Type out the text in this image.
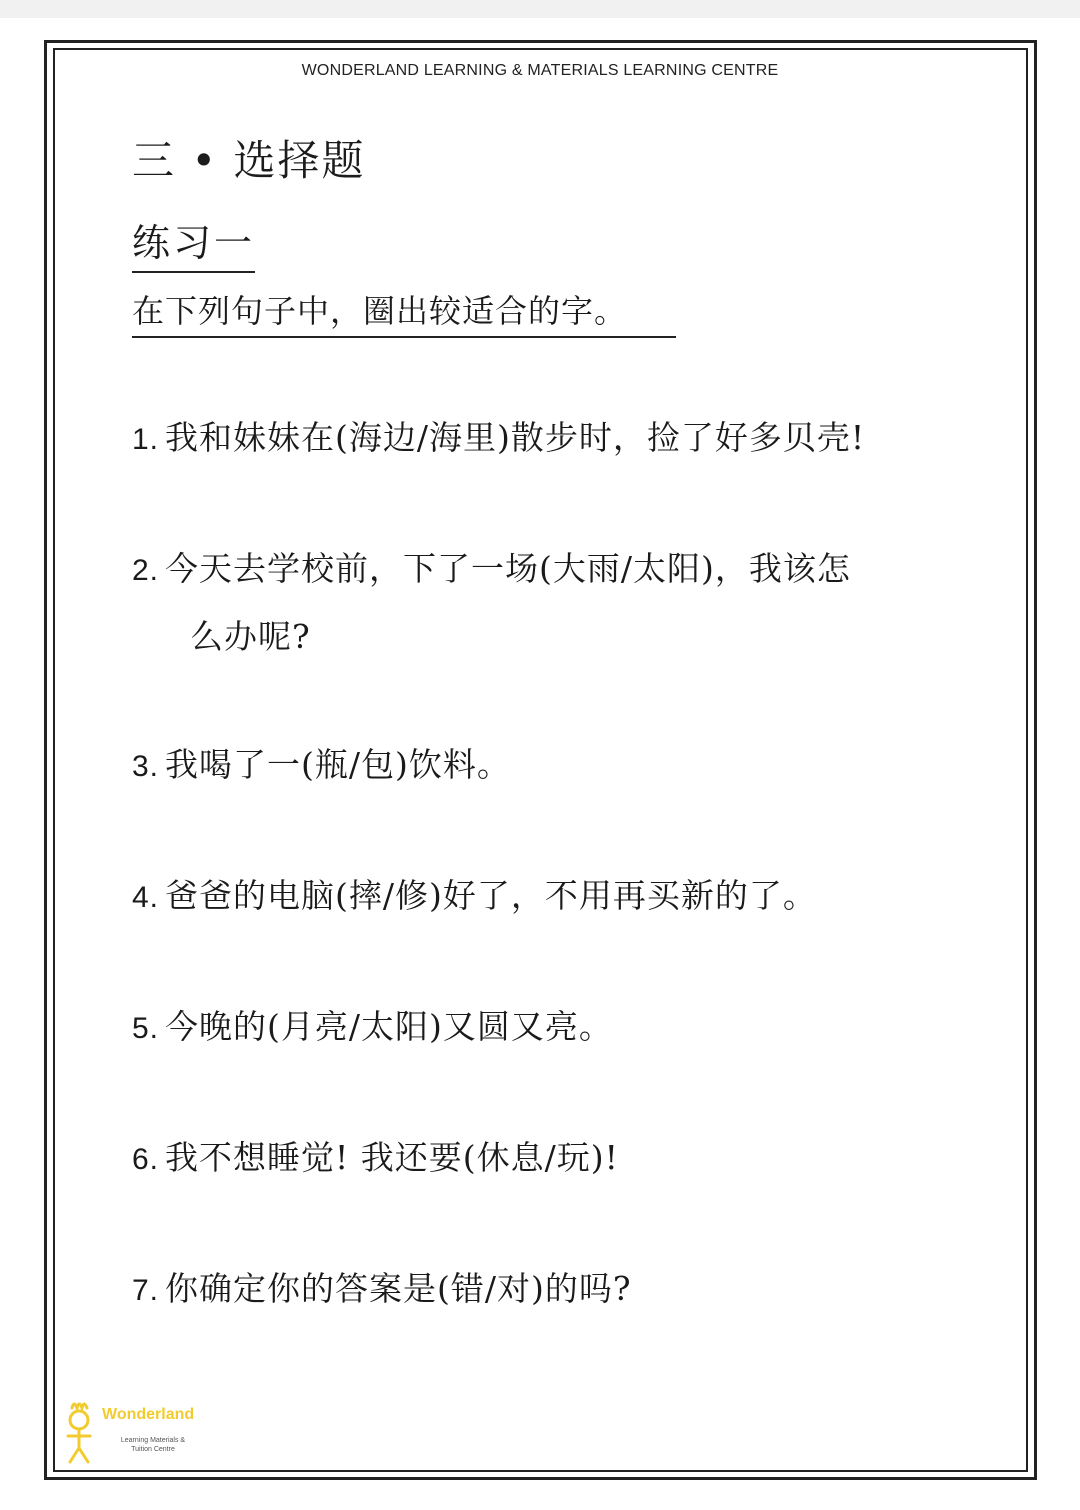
WONDERLAND LEARNING & MATERIALS LEARNING CENTRE
三 • 选择题
练习一
在下列句子中，圈出较适合的字。
1. 我和妹妹在(海边/海里)散步时，捡了好多贝壳!
2. 今天去学校前，下了一场(大雨/太阳)，我该怎
么办呢?
3. 我喝了一(瓶/包)饮料。
4. 爸爸的电脑(摔/修)好了，不用再买新的了。
5. 今晚的(月亮/太阳)又圆又亮。
6. 我不想睡觉! 我还要(休息/玩)!
7. 你确定你的答案是(错/对)的吗?
Wonderland
Learning Materials &
Tuition Centre
